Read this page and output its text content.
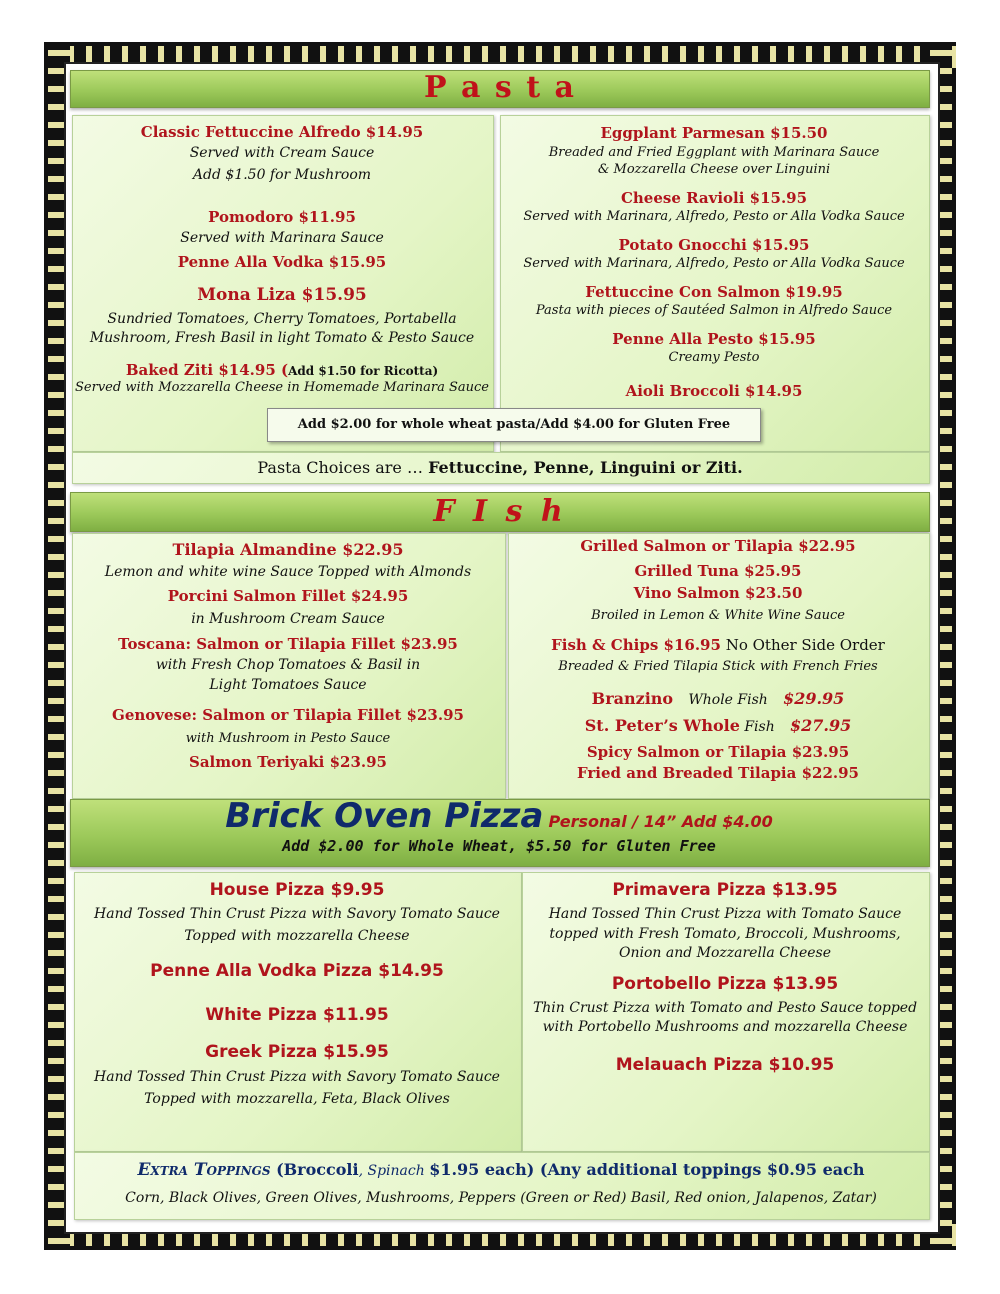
P a s t a
Classic Fettuccine Alfredo $14.95
Served with Cream Sauce
Add $1.50 for Mushroom
Pomodoro $11.95
Served with Marinara Sauce
Penne Alla Vodka $15.95
Mona Liza $15.95
Sundried Tomatoes, Cherry Tomatoes, Portabella
Mushroom, Fresh Basil in light Tomato & Pesto Sauce
Baked Ziti $14.95 (Add $1.50 for Ricotta)
Served with Mozzarella Cheese in Homemade Marinara Sauce
Eggplant Parmesan $15.50
Breaded and Fried Eggplant with Marinara Sauce
& Mozzarella Cheese over Linguini
Cheese Ravioli $15.95
Served with Marinara, Alfredo, Pesto or Alla Vodka Sauce
Potato Gnocchi $15.95
Served with Marinara, Alfredo, Pesto or Alla Vodka Sauce
Fettuccine Con Salmon $19.95
Pasta with pieces of Sautéed Salmon in Alfredo Sauce
Penne Alla Pesto $15.95
Creamy Pesto
Aioli Broccoli $14.95
Add $2.00 for whole wheat pasta/Add $4.00 for Gluten Free
Pasta Choices are … Fettuccine, Penne, Linguini or Ziti.
F I s h
Tilapia Almandine $22.95
Lemon and white wine Sauce Topped with Almonds
Porcini Salmon Fillet $24.95
in Mushroom Cream Sauce
Toscana: Salmon or Tilapia Fillet $23.95
with Fresh Chop Tomatoes & Basil in
Light Tomatoes Sauce
Genovese: Salmon or Tilapia Fillet $23.95
with Mushroom in Pesto Sauce
Salmon Teriyaki $23.95
Grilled Salmon or Tilapia $22.95
Grilled Tuna $25.95
Vino Salmon $23.50
Broiled in Lemon & White Wine Sauce
Fish & Chips $16.95 No Other Side Order
Breaded & Fried Tilapia Stick with French Fries
Branzino Whole Fish $29.95
St. Peter’s Whole Fish $27.95
Spicy Salmon or Tilapia $23.95
Fried and Breaded Tilapia $22.95
Brick Oven Pizza Personal / 14” Add $4.00
Add $2.00 for Whole Wheat, $5.50 for Gluten Free
House Pizza $9.95
Hand Tossed Thin Crust Pizza with Savory Tomato Sauce
Topped with mozzarella Cheese
Penne Alla Vodka Pizza $14.95
White Pizza $11.95
Greek Pizza $15.95
Hand Tossed Thin Crust Pizza with Savory Tomato Sauce
Topped with mozzarella, Feta, Black Olives
Primavera Pizza $13.95
Hand Tossed Thin Crust Pizza with Tomato Sauce
topped with Fresh Tomato, Broccoli, Mushrooms,
Onion and Mozzarella Cheese
Portobello Pizza $13.95
Thin Crust Pizza with Tomato and Pesto Sauce topped
with Portobello Mushrooms and mozzarella Cheese
Melauach Pizza $10.95
Extra Toppings (Broccoli, Spinach $1.95 each) (Any additional toppings $0.95 each
Corn, Black Olives, Green Olives, Mushrooms, Peppers (Green or Red) Basil, Red onion, Jalapenos, Zatar)
